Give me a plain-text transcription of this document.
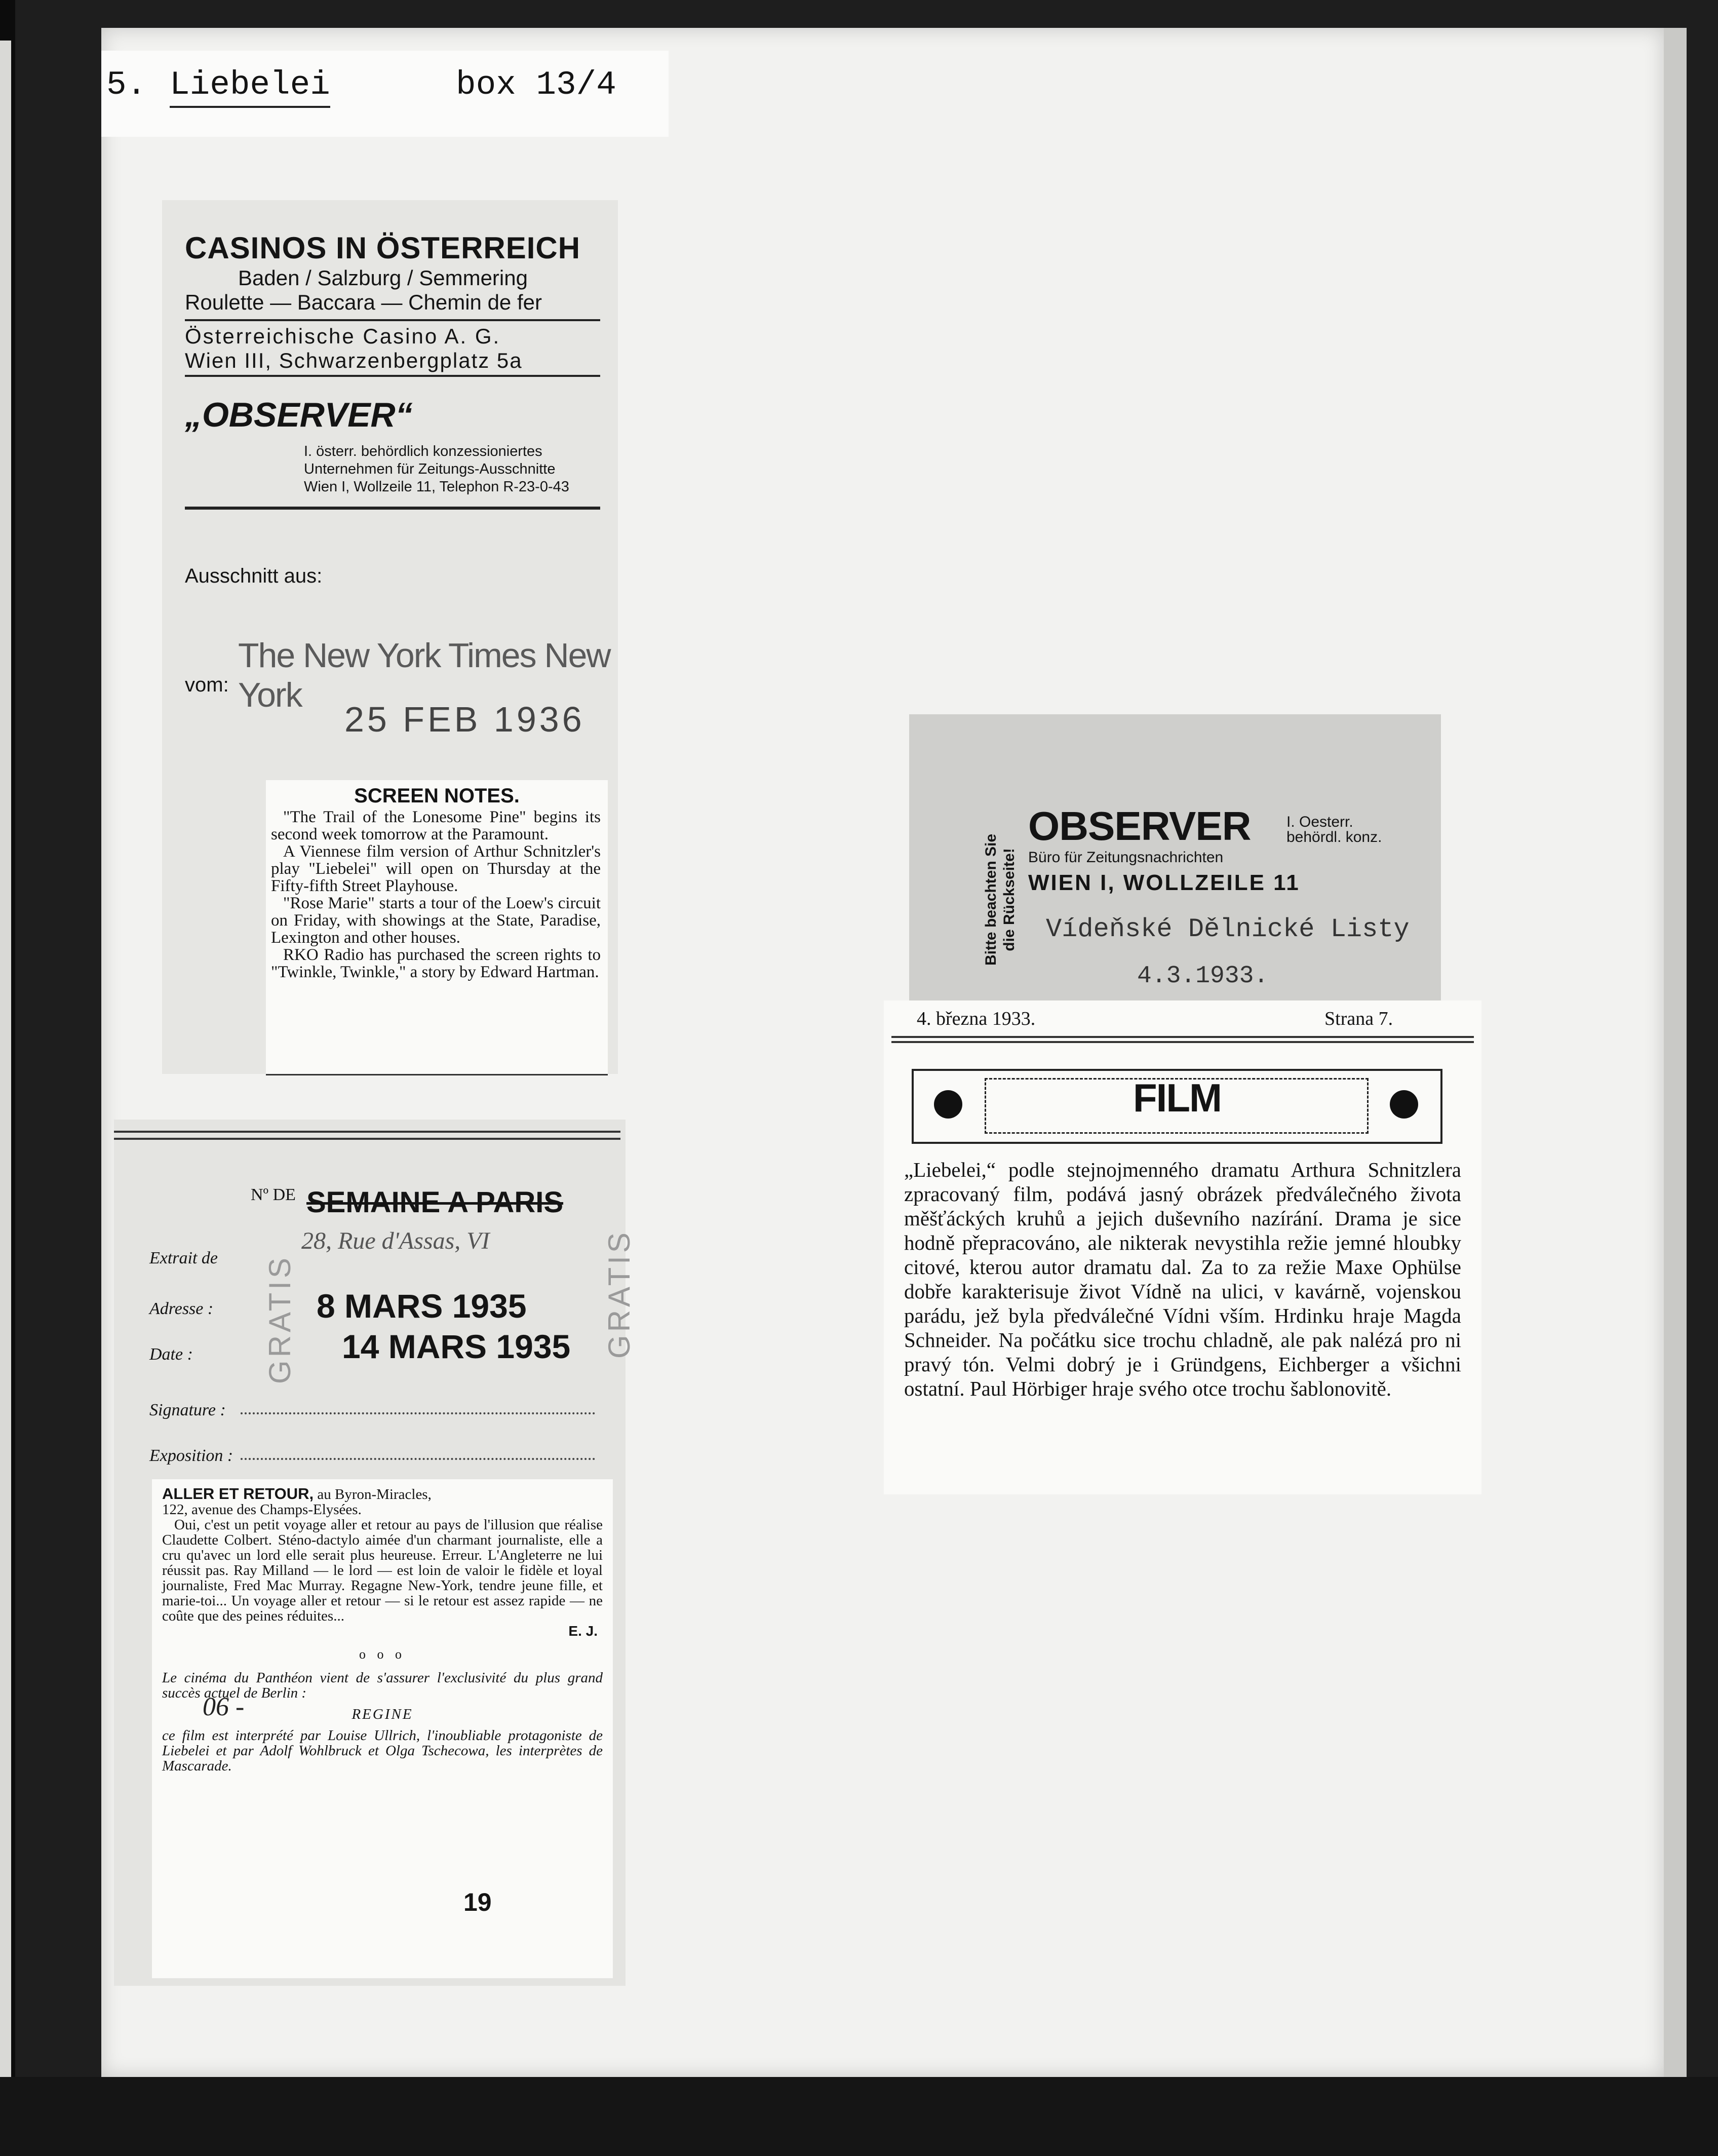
5. Liebelei	box 13/4
CASINOS IN ÖSTERREICH
Baden / Salzburg / Semmering
Roulette — Baccara — Chemin de fer
Österreichische Casino A. G.
Wien III, Schwarzenbergplatz 5a
„OBSERVER“
I. österr. behördlich konzessioniertes
Unternehmen für Zeitungs-Ausschnitte
Wien I, Wollzeile 11, Telephon R-23-0-43
Ausschnitt aus:
The New York Times New York
vom:
25 FEB 1936
SCREEN NOTES.

"The Trail of the Lonesome Pine" begins its second week tomorrow at the Paramount.

A Viennese film version of Arthur Schnitzler's play "Liebelei" will open on Thursday at the Fifty-fifth Street Playhouse.

"Rose Marie" starts a tour of the Loew's circuit on Friday, with showings at the State, Paradise, Lexington and other houses.

RKO Radio has purchased the screen rights to "Twinkle, Twinkle," a story by Edward Hartman.

Nº DE SEMAINE A PARIS
Extrait de
28, Rue d'Assas, VI
Adresse :	8 MARS 1935
Date :	14 MARS 1935
Signature :
Exposition :
GRATIS	GRATIS
ALLER ET RETOUR, au Byron-Miracles,
122, avenue des Champs-Elysées.

Oui, c'est un petit voyage aller et retour au pays de l'illusion que réalise Claudette Colbert. Sténo-dactylo aimée d'un charmant journaliste, elle a cru qu'avec un lord elle serait plus heureuse. Erreur. L'Angleterre ne lui réussit pas. Ray Milland — le lord — est loin de valoir le fidèle et loyal journaliste, Fred Mac Murray. Regagne New-York, tendre jeune fille, et marie-toi... Un voyage aller et retour — si le retour est assez rapide — ne coûte que des peines réduites...

E. J.
o o o

Le cinéma du Panthéon vient de s'assurer l'exclusivité du plus grand succès actuel de Berlin :

REGINE

ce film est interprété par Louise Ullrich, l'inoubliable protagoniste de Liebelei et par Adolf Wohlbruck et Olga Tschecowa, les interprètes de Mascarade.

06 -
19
Bitte beachten Sie die Rückseite!
OBSERVER I. Oesterr.
behördl. konz.
Büro für Zeitungsnachrichten
WIEN I, WOLLZEILE 11
Vídeňské Dělnické Listy
4.3.1933.
4. března 1933.	Strana 7.
FILM

„Liebelei,“ podle stejnojmenného dramatu Arthura Schnitzlera zpracovaný film, podává jasný obrázek předválečného života měšťáckých kruhů a jejich duševního nazírání. Drama je sice hodně přepracováno, ale nikterak nevystihla režie jemné hloubky citové, kterou autor dramatu dal. Za to za režie Maxe Ophülse dobře karakterisuje život Vídně na ulici, v kavárně, vojenskou parádu, jež byla předválečné Vídni vším. Hrdinku hraje Magda Schneider. Na počátku sice trochu chladně, ale pak nalézá pro ni pravý tón. Velmi dobrý je i Gründgens, Eichberger a všichni ostatní. Paul Hörbiger hraje svého otce trochu šablonovitě.
